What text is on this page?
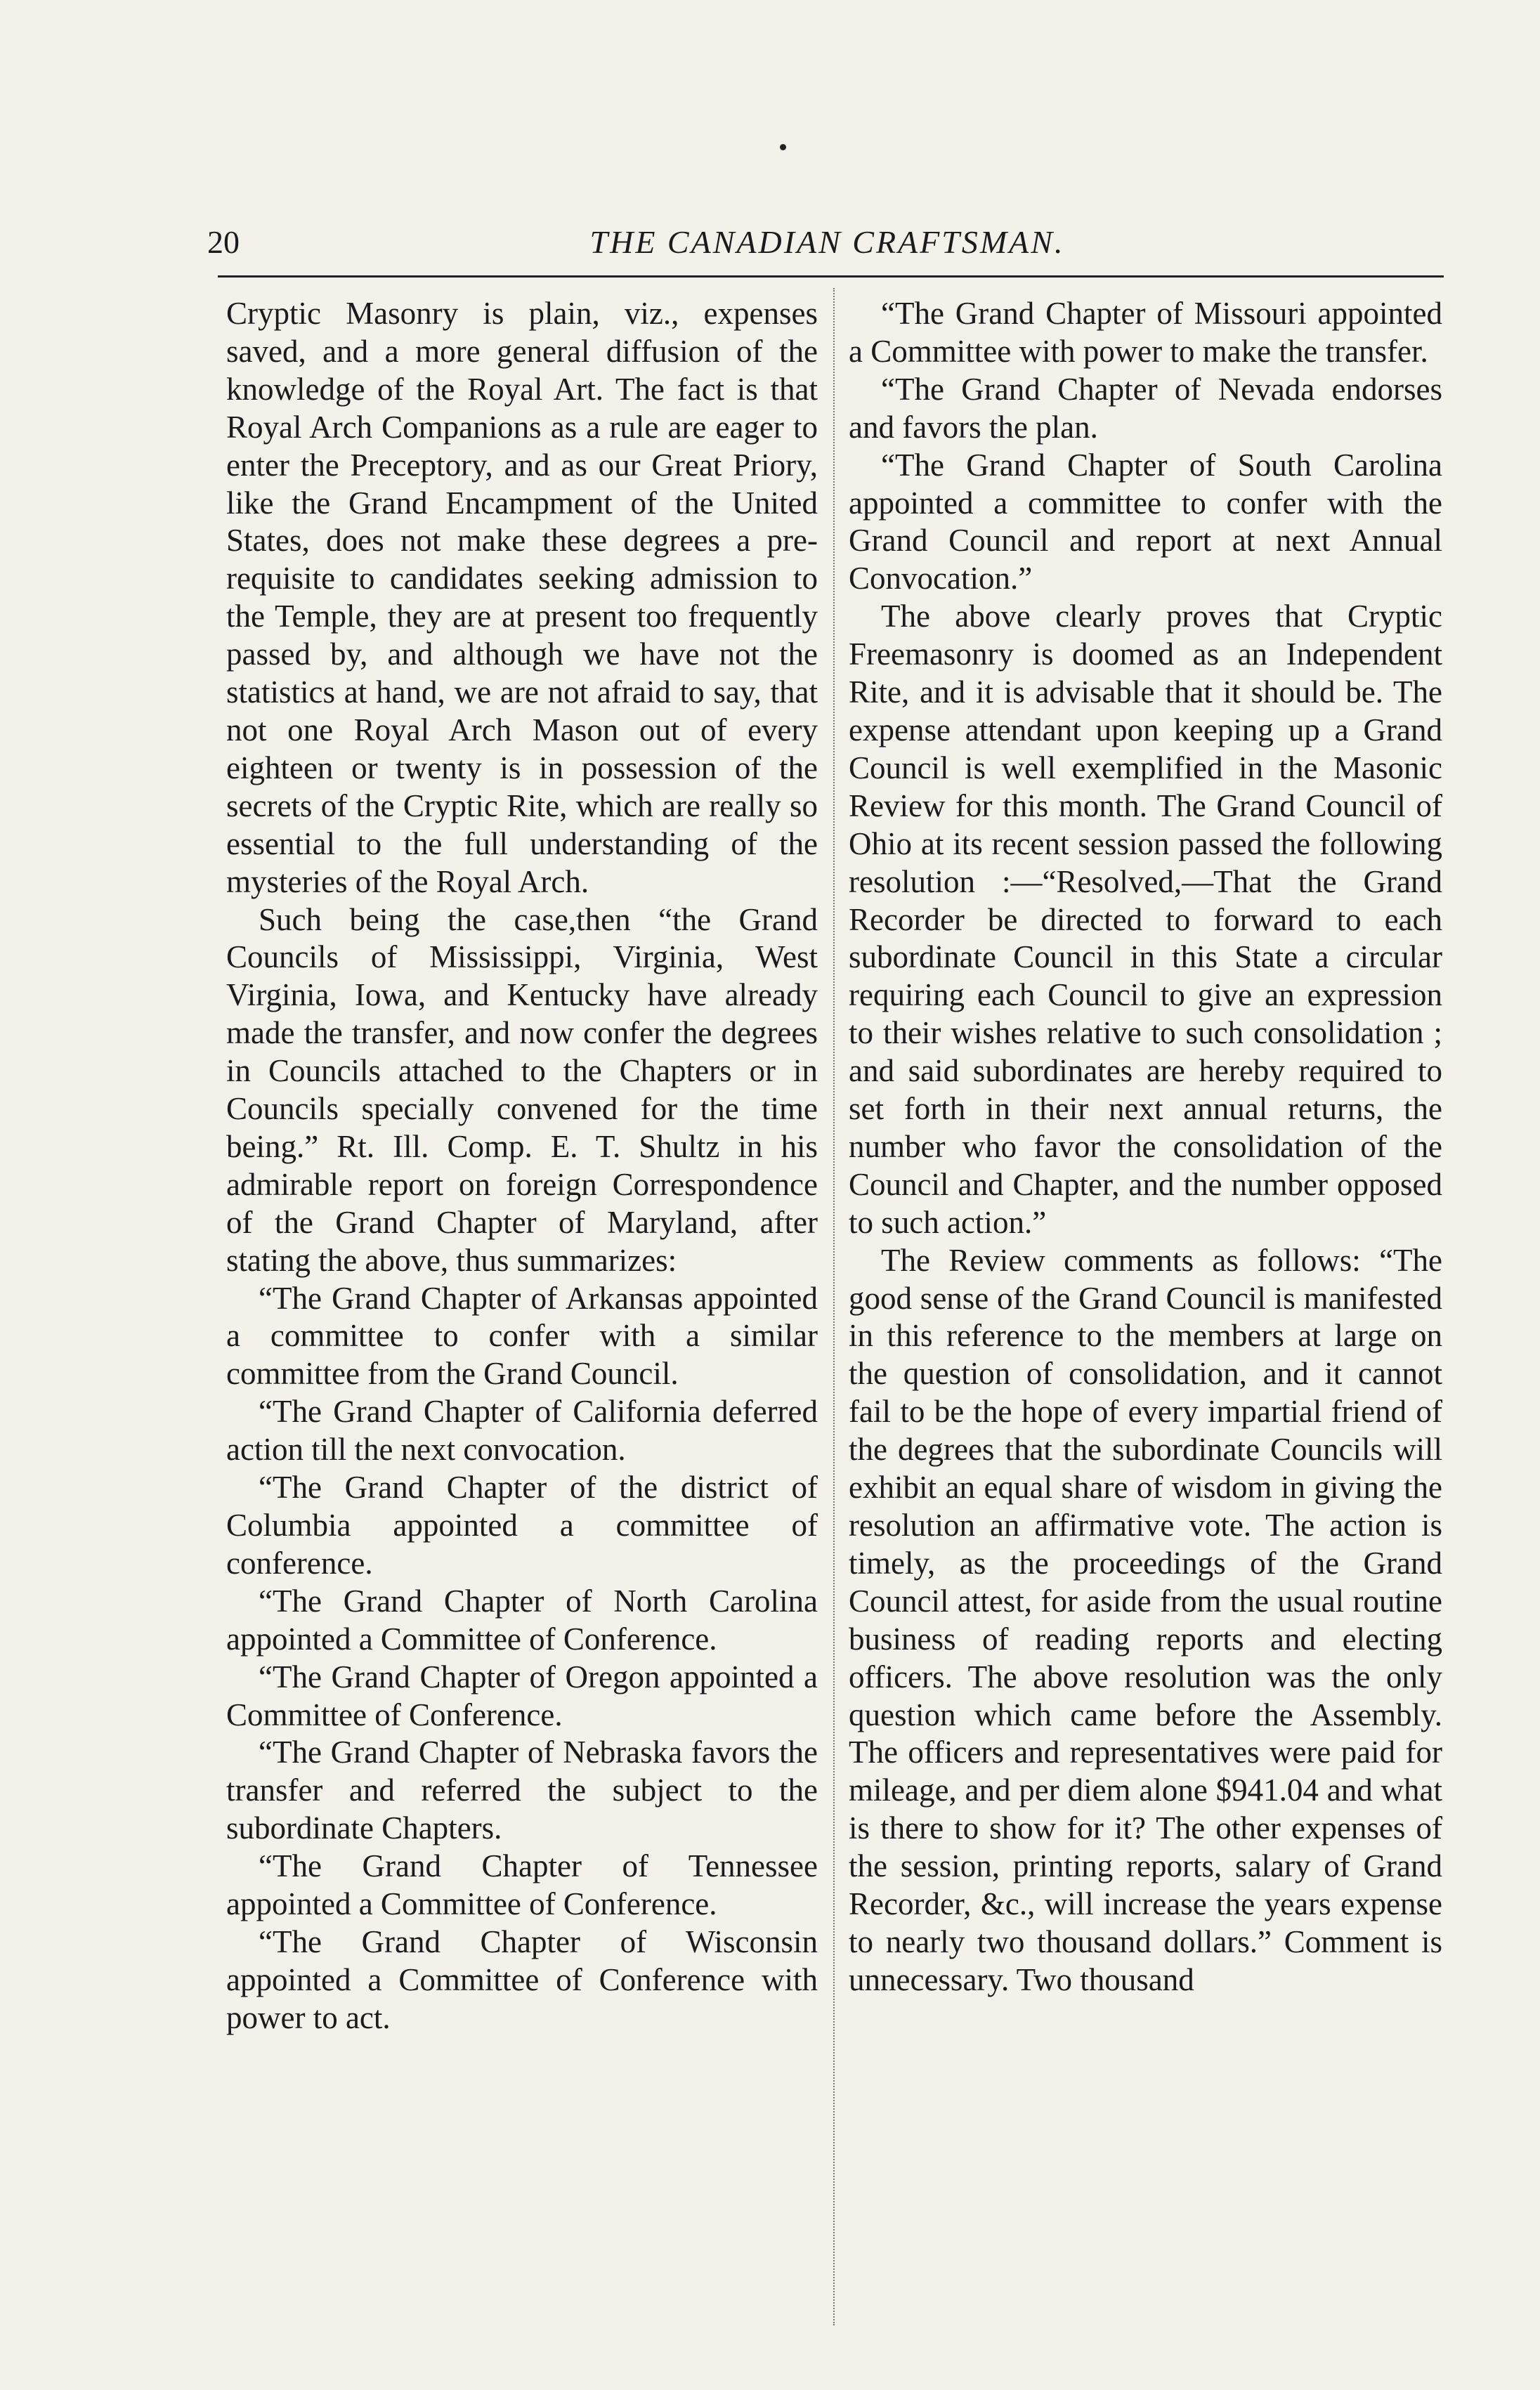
20	THE CANADIAN CRAFTSMAN.

Cryptic Masonry is plain, viz., expenses saved, and a more general diffusion of the knowledge of the Royal Art. The fact is that Royal Arch Companions as a rule are eager to enter the Preceptory, and as our Great Priory, like the Grand Encampment of the United States, does not make these degrees a pre-requisite to candidates seeking admission to the Temple, they are at present too frequently passed by, and although we have not the statistics at hand, we are not afraid to say, that not one Royal Arch Mason out of every eighteen or twenty is in possession of the secrets of the Cryptic Rite, which are really so essential to the full understanding of the mysteries of the Royal Arch.

Such being the case,then “the Grand Councils of Mississippi, Virginia, West Virginia, Iowa, and Kentucky have already made the transfer, and now confer the degrees in Councils attached to the Chapters or in Councils specially convened for the time being.” Rt. Ill. Comp. E. T. Shultz in his admirable report on foreign Correspondence of the Grand Chapter of Maryland, after stating the above, thus summarizes:

“The Grand Chapter of Arkansas appointed a committee to confer with a similar committee from the Grand Council.

“The Grand Chapter of California deferred action till the next convocation.

“The Grand Chapter of the district of Columbia appointed a committee of conference.

“The Grand Chapter of North Carolina appointed a Committee of Conference.

“The Grand Chapter of Oregon appointed a Committee of Conference.

“The Grand Chapter of Nebraska favors the transfer and referred the subject to the subordinate Chapters.

“The Grand Chapter of Tennessee appointed a Committee of Conference.

“The Grand Chapter of Wisconsin appointed a Committee of Conference with power to act.

“The Grand Chapter of Missouri appointed a Committee with power to make the transfer.

“The Grand Chapter of Nevada endorses and favors the plan.

“The Grand Chapter of South Carolina appointed a committee to confer with the Grand Council and report at next Annual Convocation.”

The above clearly proves that Cryptic Freemasonry is doomed as an Independent Rite, and it is advisable that it should be. The expense attendant upon keeping up a Grand Council is well exemplified in the Masonic Review for this month. The Grand Council of Ohio at its recent session passed the following resolution :—“Resolved,—That the Grand Recorder be directed to forward to each subordinate Council in this State a circular requiring each Council to give an expression to their wishes relative to such consolidation ; and said subordinates are hereby required to set forth in their next annual returns, the number who favor the consolidation of the Council and Chapter, and the number opposed to such action.”

The Review comments as follows: “The good sense of the Grand Council is manifested in this reference to the members at large on the question of consolidation, and it cannot fail to be the hope of every impartial friend of the degrees that the subordinate Councils will exhibit an equal share of wisdom in giving the resolution an affirmative vote. The action is timely, as the proceedings of the Grand Council attest, for aside from the usual routine business of reading reports and electing officers. The above resolution was the only question which came before the Assembly. The officers and representatives were paid for mileage, and per diem alone $941.04 and what is there to show for it? The other expenses of the session, printing reports, salary of Grand Recorder, &c., will increase the years expense to nearly two thousand dollars.” Comment is unnecessary. Two thousand
